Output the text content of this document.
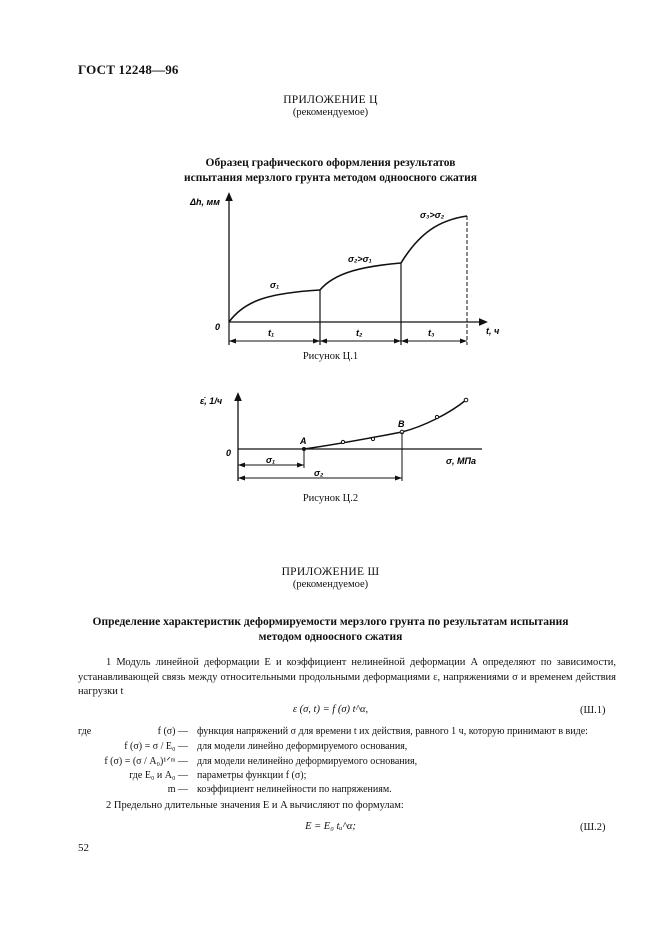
ГОСТ 12248—96
ПРИЛОЖЕНИЕ Ц
(рекомендуемое)
Образец графического оформления результатов
испытания мерзлого грунта методом одноосного сжатия
Δh, мм
t, ч
0
σ₁
σ₂>σ₁
σ₃>σ₂
t₁	t₂	t₃
Рисунок Ц.1
ε̇, 1/ч
σ, МПа
0
A
B
σ₁
σ₂
Рисунок Ц.2
ПРИЛОЖЕНИЕ Ш
(рекомендуемое)
Определение характеристик деформируемости мерзлого грунта по результатам испытания
методом одноосного сжатия
1 Модуль линейной деформации E и коэффициент нелинейной деформации A определяют по зависимости, устанавливающей связь между относительными продольными деформациями ε, напряжениями σ и временем действия нагрузки t
ε (σ, t) = f (σ) t^α,	(Ш.1)
где	f (σ) — функция напряжений σ для времени t их действия, равного 1 ч, которую принимают в виде:
f (σ) = σ / E₀ — для модели линейно деформируемого основания,
f (σ) = (σ / A₀)¹ᐟᵐ — для модели нелинейно деформируемого основания,
где E₀ и A₀ — параметры функции f (σ);
m — коэффициент нелинейности по напряжениям.
2 Предельно длительные значения E и A вычисляют по формулам:
E = E₀ tᵤ^α;	(Ш.2)
52
